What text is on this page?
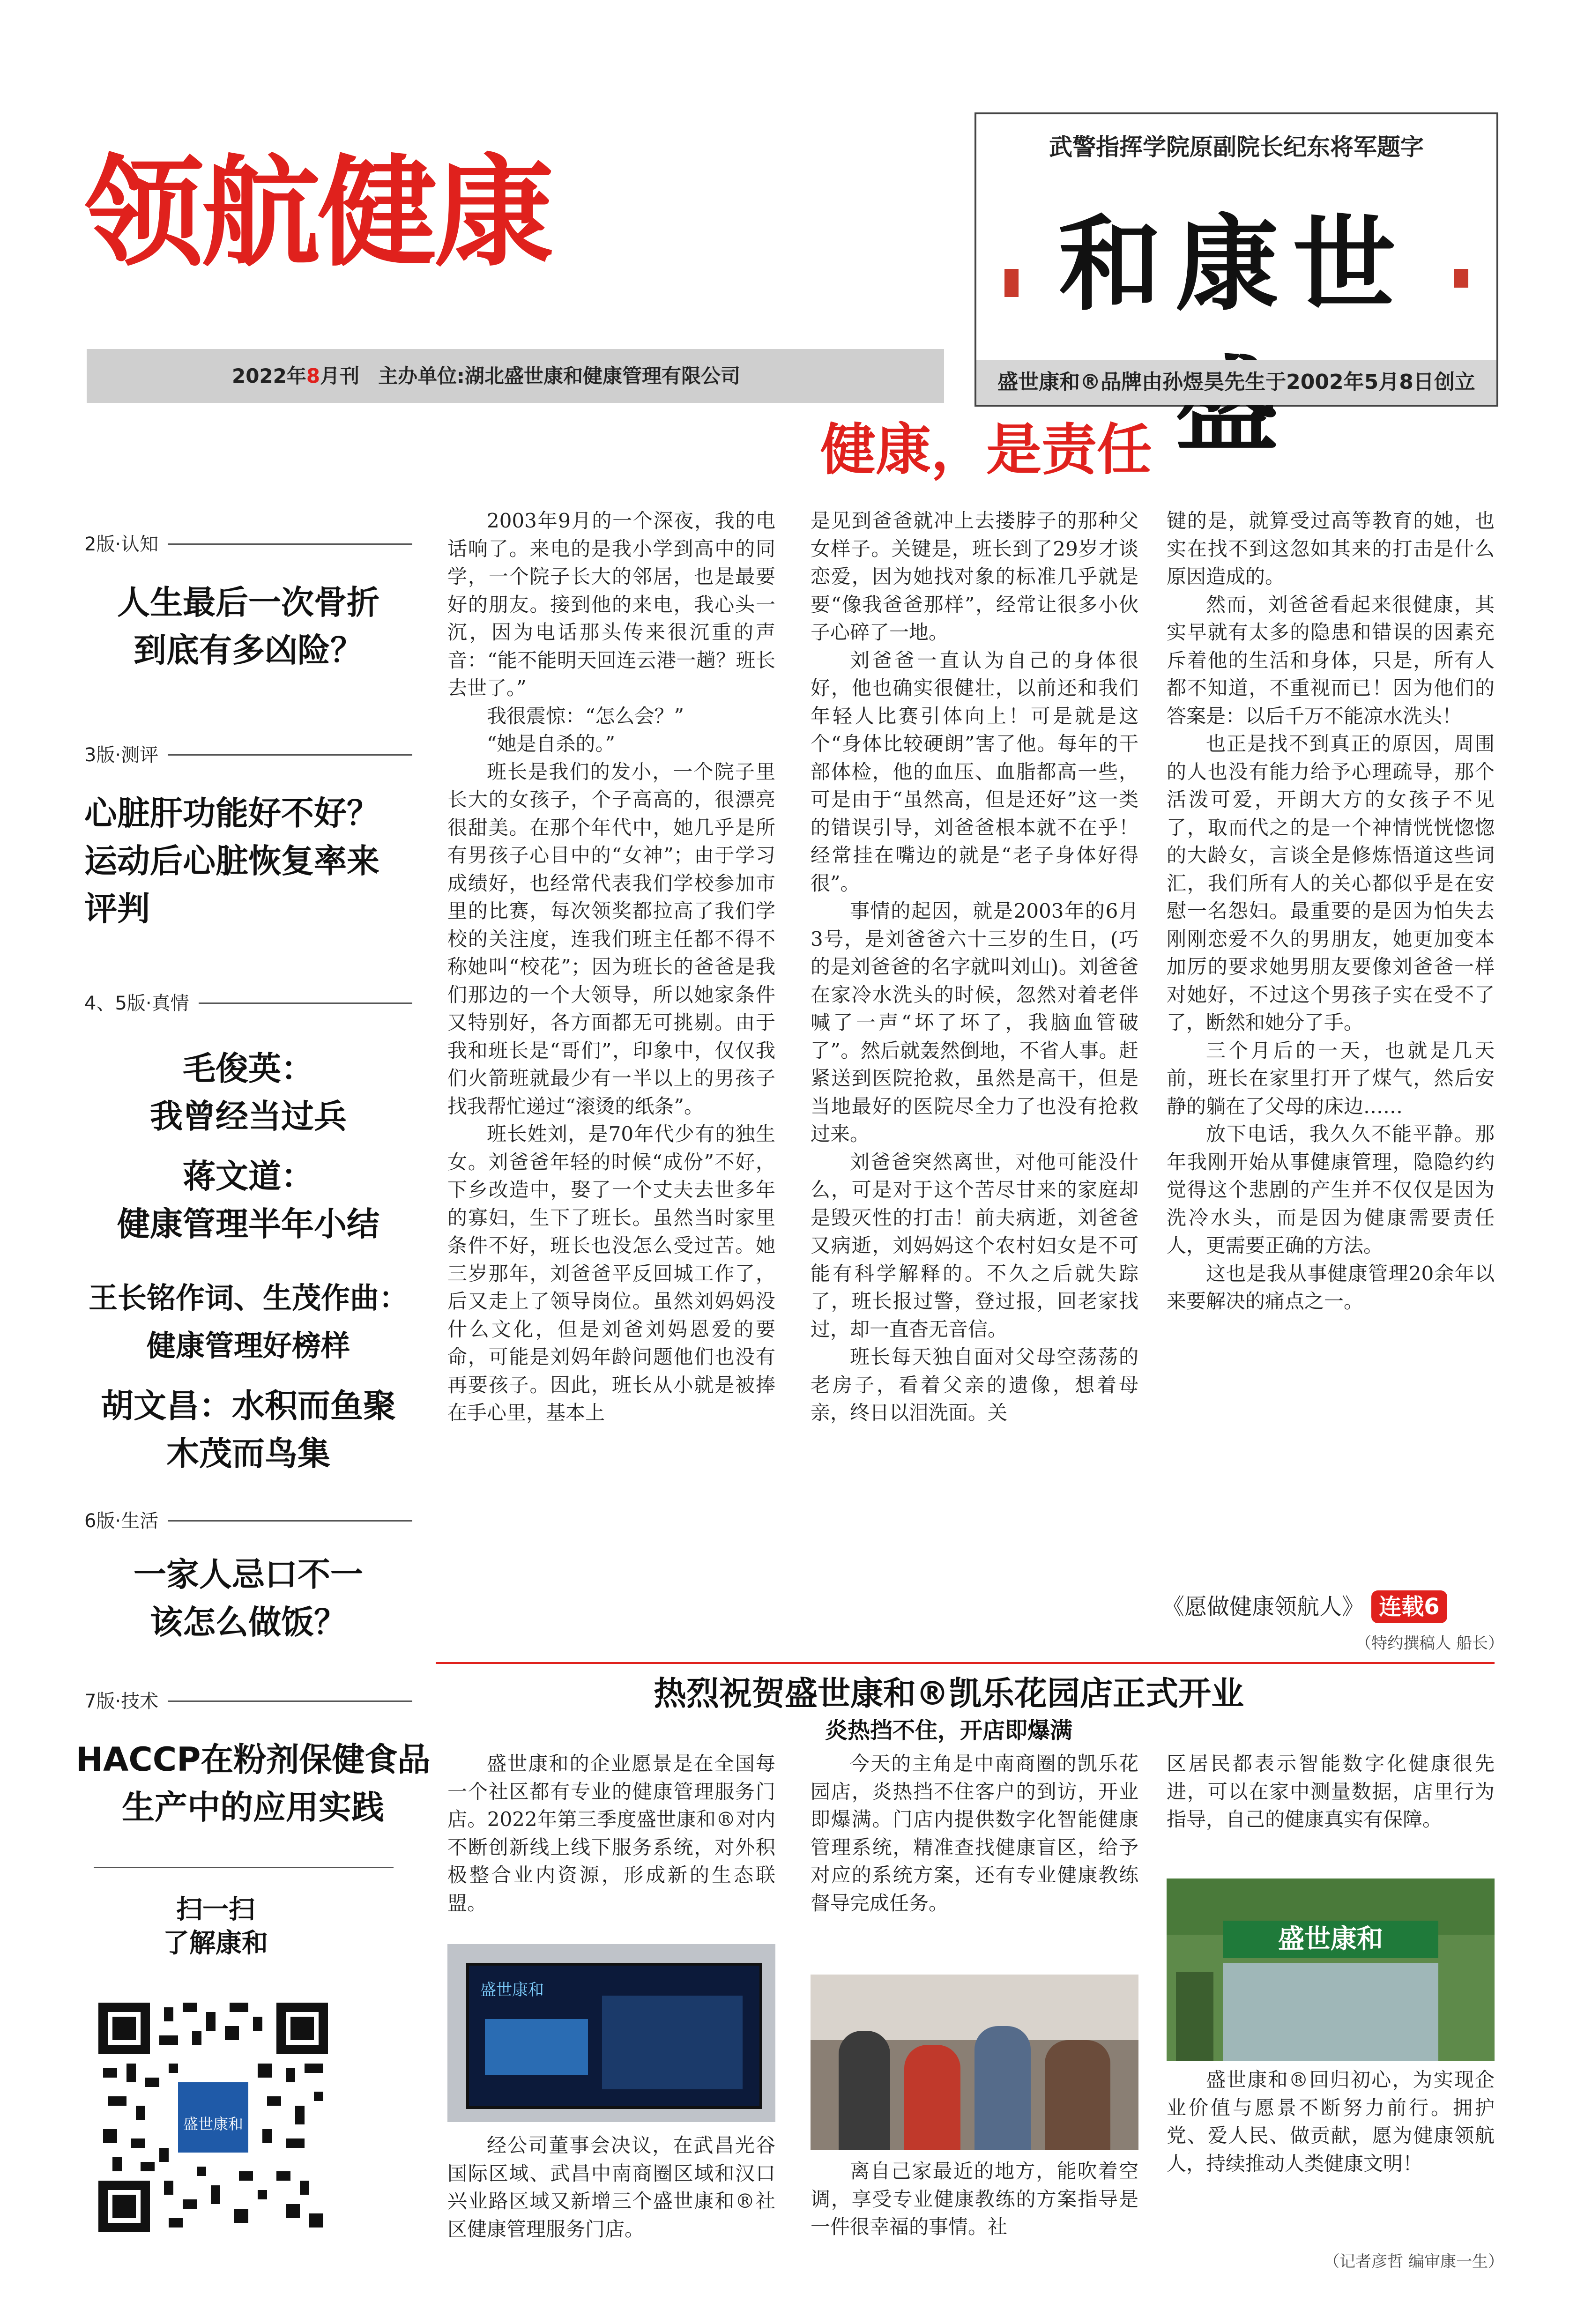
领航健康
2022年8月刊 主办单位:湖北盛世康和健康管理有限公司
武警指挥学院原副院长纪东将军题字
和康世
盛世康和®品牌由孙煜昊先生于2002年5月8日创立
健康，是责任
2版·认知
人生最后一次骨折
到底有多凶险？
3版·测评
心脏肝功能好不好？
运动后心脏恢复率来
评判
4、5版·真情
毛俊英：
我曾经当过兵
蒋文道：
健康管理半年小结
王长铭作词、生茂作曲：
健康管理好榜样
胡文昌：水积而鱼聚
木茂而鸟集
6版·生活
一家人忌口不一
该怎么做饭？
7版·技术
HACCP在粉剂保健食品
生产中的应用实践
扫一扫
了解康和
盛世康和

2003年9月的一个深夜，我的电话响了。来电的是我小学到高中的同学，一个院子长大的邻居，也是最要好的朋友。接到他的来电，我心头一沉，因为电话那头传来很沉重的声音：“能不能明天回连云港一趟？班长去世了。”

我很震惊：“怎么会？”

“她是自杀的。”

班长是我们的发小，一个院子里长大的女孩子，个子高高的，很漂亮很甜美。在那个年代中，她几乎是所有男孩子心目中的“女神”；由于学习成绩好，也经常代表我们学校参加市里的比赛，每次领奖都拉高了我们学校的关注度，连我们班主任都不得不称她叫“校花”；因为班长的爸爸是我们那边的一个大领导，所以她家条件又特别好，各方面都无可挑剔。由于我和班长是“哥们”，印象中，仅仅我们火箭班就最少有一半以上的男孩子找我帮忙递过“滚烫的纸条”。

班长姓刘，是70年代少有的独生女。刘爸爸年轻的时候“成份”不好，下乡改造中，娶了一个丈夫去世多年的寡妇，生下了班长。虽然当时家里条件不好，班长也没怎么受过苦。她三岁那年，刘爸爸平反回城工作了，后又走上了领导岗位。虽然刘妈妈没什么文化，但是刘爸刘妈恩爱的要命，可能是刘妈年龄问题他们也没有再要孩子。因此，班长从小就是被捧在手心里，基本上

是见到爸爸就冲上去搂脖子的那种父女样子。关键是，班长到了29岁才谈恋爱，因为她找对象的标准几乎就是要“像我爸爸那样”，经常让很多小伙子心碎了一地。

刘爸爸一直认为自己的身体很好，他也确实很健壮，以前还和我们年轻人比赛引体向上！可是就是这个“身体比较硬朗”害了他。每年的干部体检，他的血压、血脂都高一些，可是由于“虽然高，但是还好”这一类的错误引导，刘爸爸根本就不在乎！经常挂在嘴边的就是“老子身体好得很”。

事情的起因，就是2003年的6月3号，是刘爸爸六十三岁的生日，(巧的是刘爸爸的名字就叫刘山)。刘爸爸在家冷水洗头的时候，忽然对着老伴喊了一声“坏了坏了，我脑血管破了”。然后就轰然倒地，不省人事。赶紧送到医院抢救，虽然是高干，但是当地最好的医院尽全力了也没有抢救过来。

刘爸爸突然离世，对他可能没什么，可是对于这个苦尽甘来的家庭却是毁灭性的打击！前夫病逝，刘爸爸又病逝，刘妈妈这个农村妇女是不可能有科学解释的。不久之后就失踪了，班长报过警，登过报，回老家找过，却一直杳无音信。

班长每天独自面对父母空荡荡的老房子，看着父亲的遗像，想着母亲，终日以泪洗面。关

键的是，就算受过高等教育的她，也实在找不到这忽如其来的打击是什么原因造成的。

然而，刘爸爸看起来很健康，其实早就有太多的隐患和错误的因素充斥着他的生活和身体，只是，所有人都不知道，不重视而已！因为他们的答案是：以后千万不能凉水洗头！

也正是找不到真正的原因，周围的人也没有能力给予心理疏导，那个活泼可爱，开朗大方的女孩子不见了，取而代之的是一个神情恍恍惚惚的大龄女，言谈全是修炼悟道这些词汇，我们所有人的关心都似乎是在安慰一名怨妇。最重要的是因为怕失去刚刚恋爱不久的男朋友，她更加变本加厉的要求她男朋友要像刘爸爸一样对她好，不过这个男孩子实在受不了了，断然和她分了手。

三个月后的一天，也就是几天前，班长在家里打开了煤气，然后安静的躺在了父母的床边……

放下电话，我久久不能平静。那年我刚开始从事健康管理，隐隐约约觉得这个悲剧的产生并不仅仅是因为洗冷水头，而是因为健康需要责任人，更需要正确的方法。

这也是我从事健康管理20余年以来要解决的痛点之一。

《愿做健康领航人》 连载6
（特约撰稿人 船长）
热烈祝贺盛世康和®凯乐花园店正式开业
炎热挡不住，开店即爆满

盛世康和的企业愿景是在全国每一个社区都有专业的健康管理服务门店。2022年第三季度盛世康和®对内不断创新线上线下服务系统，对外积极整合业内资源，形成新的生态联盟。

盛世康和

经公司董事会决议，在武昌光谷国际区域、武昌中南商圈区域和汉口兴业路区域又新增三个盛世康和®社区健康管理服务门店。

今天的主角是中南商圈的凯乐花园店，炎热挡不住客户的到访，开业即爆满。门店内提供数字化智能健康管理系统，精准查找健康盲区，给予对应的系统方案，还有专业健康教练督导完成任务。

离自己家最近的地方，能吹着空调，享受专业健康教练的方案指导是一件很幸福的事情。社

区居民都表示智能数字化健康很先进，可以在家中测量数据，店里行为指导，自己的健康真实有保障。

盛世康和

盛世康和®回归初心，为实现企业价值与愿景不断努力前行。拥护党、爱人民、做贡献，愿为健康领航人，持续推动人类健康文明！

（记者彦哲 编审康一生）
